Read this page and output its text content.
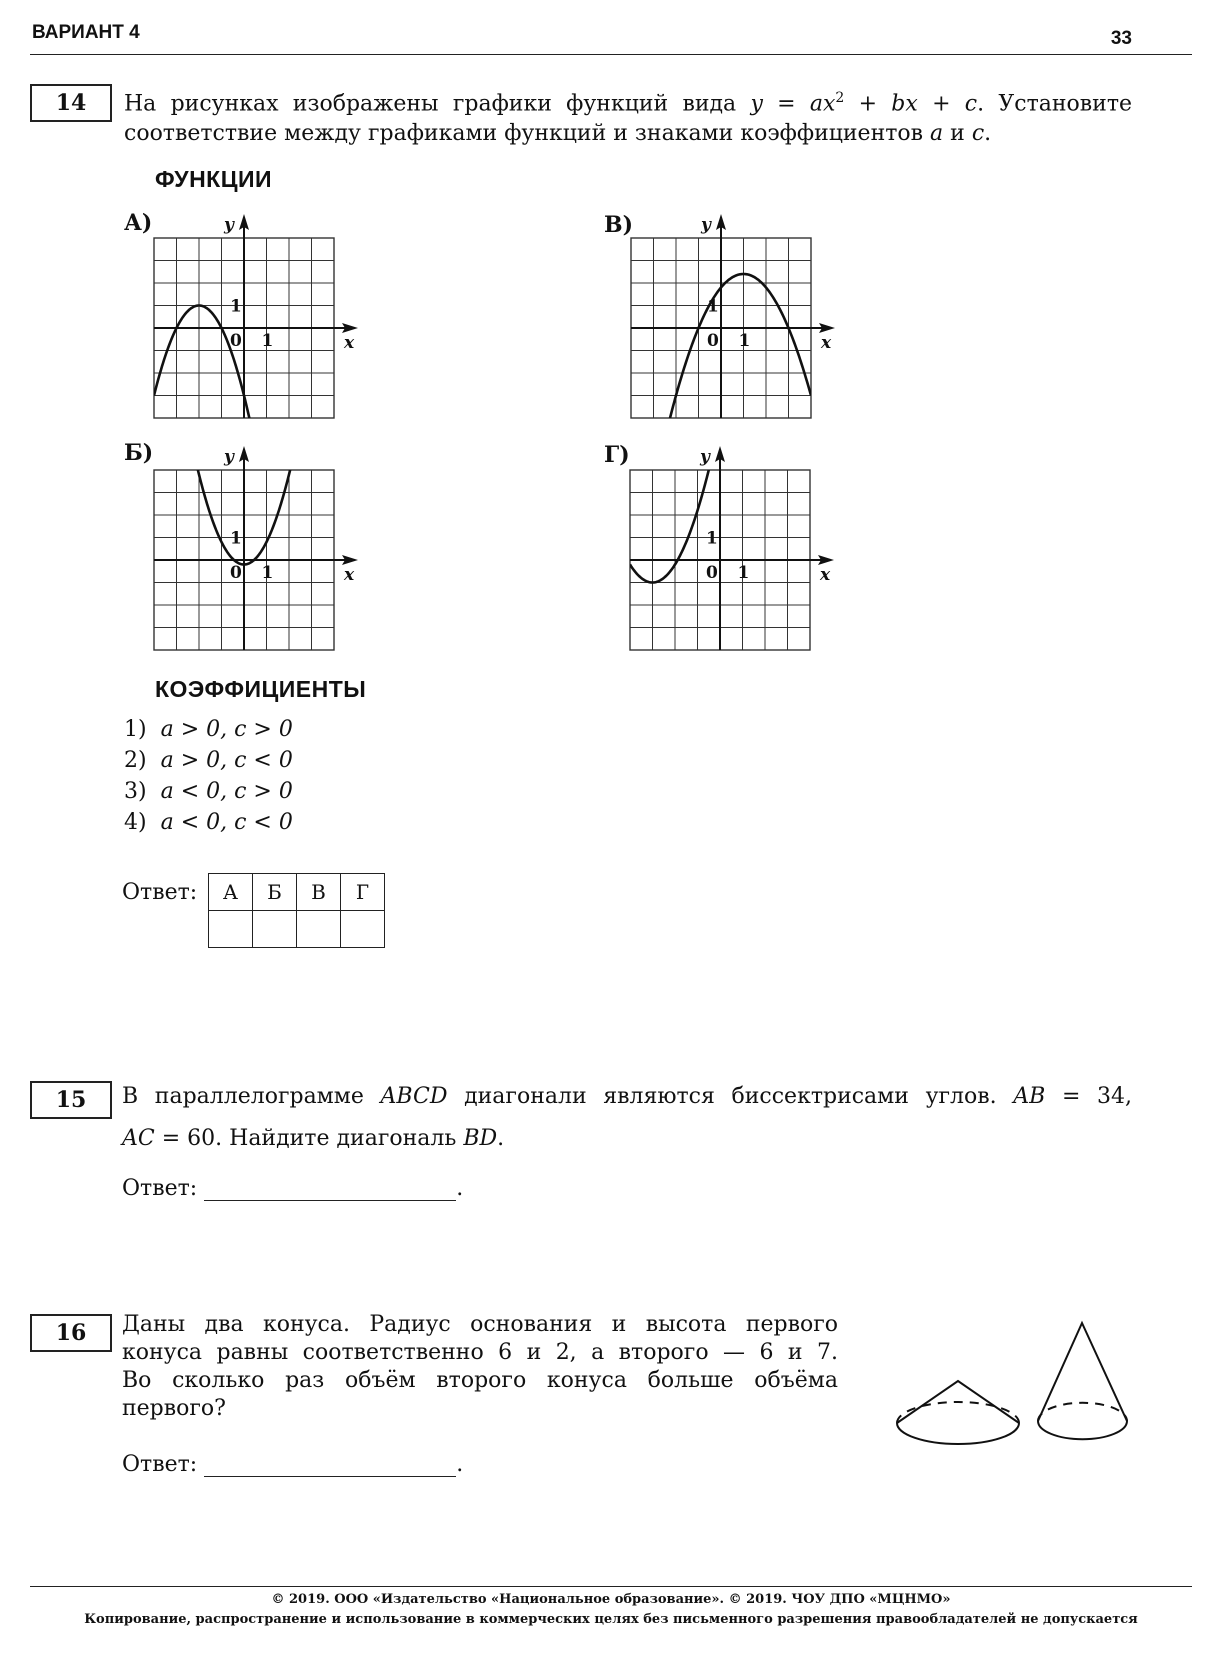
ВАРИАНТ 4	33
14	На рисунках изображены графики функций вида $y = ax^2$ + bx + c. Установите
соответствие между графиками функций и знаками коэффициентов a и c.
ФУНКЦИИ
А)
Б)
В)
Г)
x
y
0 1
1
x
y
0 1
1
x
y
0 1
1
x
y
0 1
1
КОЭФФИЦИЕНТЫ
1) a > 0, c > 0
2) a > 0, c < 0
3) a < 0, c > 0
4) a < 0, c < 0
Ответ: А	Б	В	Г

15	В параллелограмме ABCD диагонали являются биссектрисами углов. AB = 34,
AC = 60. Найдите диагональ BD.
Ответ:	.
16	Даны два конуса. Радиус основания и высота первого
конуса равны соответственно 6 и 2, а второго — 6 и 7.
Во сколько раз объём второго конуса больше объёма
первого?
Ответ:	.
© 2019. ООО «Издательство «Национальное образование». © 2019. ЧОУ ДПО «МЦНМО»
Копирование, распространение и использование в коммерческих целях без письменного разрешения правообладателей не допускается
